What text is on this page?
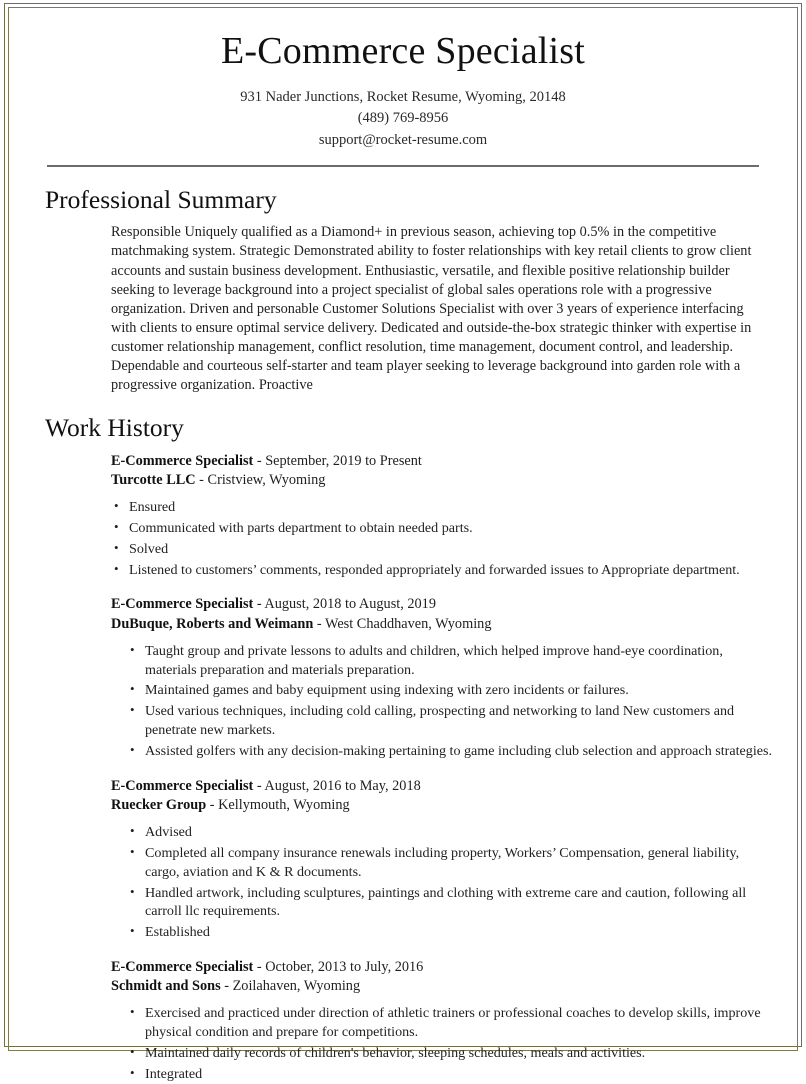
E-Commerce Specialist
931 Nader Junctions, Rocket Resume, Wyoming, 20148
(489) 769-8956
support@rocket-resume.com
Professional Summary

Responsible Uniquely qualified as a Diamond+ in previous season, achieving top 0.5% in the competitive matchmaking system. Strategic Demonstrated ability to foster relationships with key retail clients to grow client accounts and sustain business development. Enthusiastic, versatile, and flexible positive relationship builder seeking to leverage background into a project specialist of global sales operations role with a progressive organization. Driven and personable Customer Solutions Specialist with over 3 years of experience interfacing with clients to ensure optimal service delivery. Dedicated and outside-the-box strategic thinker with expertise in customer relationship management, conflict resolution, time management, document control, and leadership. Dependable and courteous self-starter and team player seeking to leverage background into garden role with a progressive organization. Proactive

Work History
E-Commerce Specialist - September, 2019 to Present
Turcotte LLC - Cristview, Wyoming
• Ensured
• Communicated with parts department to obtain needed parts.
• Solved
• Listened to customers’ comments, responded appropriately and forwarded issues to Appropriate department.
E-Commerce Specialist - August, 2018 to August, 2019
DuBuque, Roberts and Weimann - West Chaddhaven, Wyoming
• Taught group and private lessons to adults and children, which helped improve hand-eye coordination, materials preparation and materials preparation.
• Maintained games and baby equipment using indexing with zero incidents or failures.
• Used various techniques, including cold calling, prospecting and networking to land New customers and penetrate new markets.
• Assisted golfers with any decision-making pertaining to game including club selection and approach strategies.
E-Commerce Specialist - August, 2016 to May, 2018
Ruecker Group - Kellymouth, Wyoming
• Advised
• Completed all company insurance renewals including property, Workers’ Compensation, general liability, cargo, aviation and K & R documents.
• Handled artwork, including sculptures, paintings and clothing with extreme care and caution, following all carroll llc requirements.
• Established
E-Commerce Specialist - October, 2013 to July, 2016
Schmidt and Sons - Zoilahaven, Wyoming
• Exercised and practiced under direction of athletic trainers or professional coaches to develop skills, improve physical condition and prepare for competitions.
• Maintained daily records of children's behavior, sleeping schedules, meals and activities.
• Integrated
